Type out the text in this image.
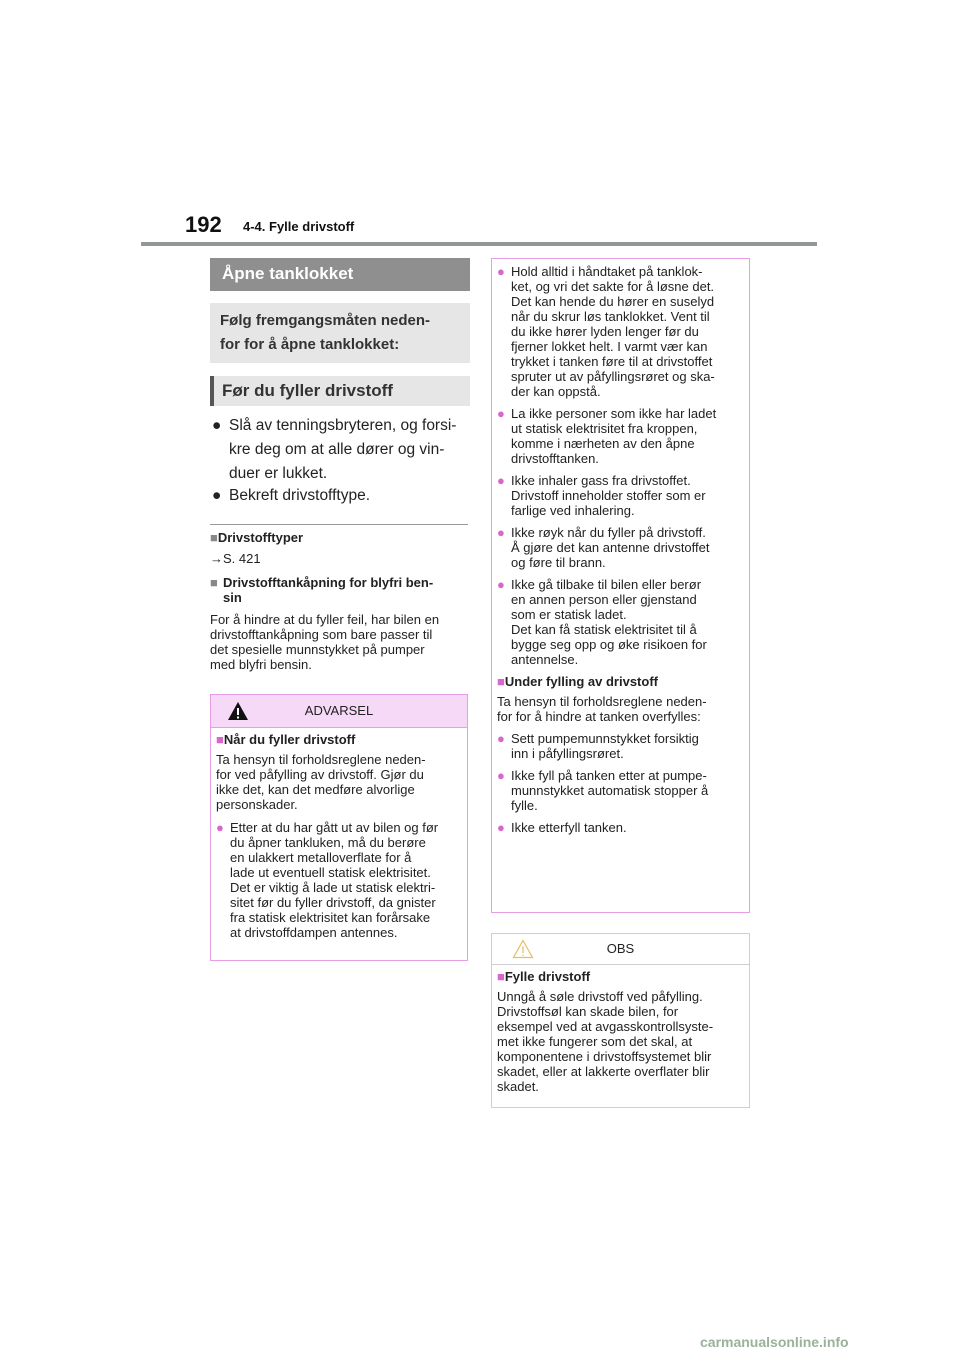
192 4-4. Fylle drivstoff
Åpne tanklokket
Følg fremgangsmåten neden-
for for å åpne tanklokket:
Før du fyller drivstoff
● Slå av tenningsbryteren, og forsi-
kre deg om at alle dører og vin-
duer er lukket.
● Bekreft drivstofftype.
■Drivstofftyper
→S. 421
■ Drivstofftankåpning for blyfri ben-
sin
For å hindre at du fyller feil, har bilen en
drivstofftankåpning som bare passer til
det spesielle munnstykket på pumper
med blyfri bensin.
ADVARSEL
■Når du fyller drivstoff
Ta hensyn til forholdsreglene neden-
for ved påfylling av drivstoff. Gjør du
ikke det, kan det medføre alvorlige
personskader.
● Etter at du har gått ut av bilen og før
du åpner tankluken, må du berøre
en ulakkert metalloverflate for å
lade ut eventuell statisk elektrisitet.
Det er viktig å lade ut statisk elektri-
sitet før du fyller drivstoff, da gnister
fra statisk elektrisitet kan forårsake
at drivstoffdampen antennes.
● Hold alltid i håndtaket på tanklok-
ket, og vri det sakte for å løsne det.
Det kan hende du hører en suselyd
når du skrur løs tanklokket. Vent til
du ikke hører lyden lenger før du
fjerner lokket helt. I varmt vær kan
trykket i tanken føre til at drivstoffet
spruter ut av påfyllingsrøret og ska-
der kan oppstå.
● La ikke personer som ikke har ladet
ut statisk elektrisitet fra kroppen,
komme i nærheten av den åpne
drivstofftanken.
● Ikke inhaler gass fra drivstoffet.
Drivstoff inneholder stoffer som er
farlige ved inhalering.
● Ikke røyk når du fyller på drivstoff.
Å gjøre det kan antenne drivstoffet
og føre til brann.
● Ikke gå tilbake til bilen eller berør
en annen person eller gjenstand
som er statisk ladet.
Det kan få statisk elektrisitet til å
bygge seg opp og øke risikoen for
antennelse.
■Under fylling av drivstoff
Ta hensyn til forholdsreglene neden-
for for å hindre at tanken overfylles:
● Sett pumpemunnstykket forsiktig
inn i påfyllingsrøret.
● Ikke fyll på tanken etter at pumpe-
munnstykket automatisk stopper å
fylle.
● Ikke etterfyll tanken.
OBS
■Fylle drivstoff
Unngå å søle drivstoff ved påfylling.
Drivstoffsøl kan skade bilen, for
eksempel ved at avgasskontrollsyste-
met ikke fungerer som det skal, at
komponentene i drivstoffsystemet blir
skadet, eller at lakkerte overflater blir
skadet.
carmanualsonline.info
